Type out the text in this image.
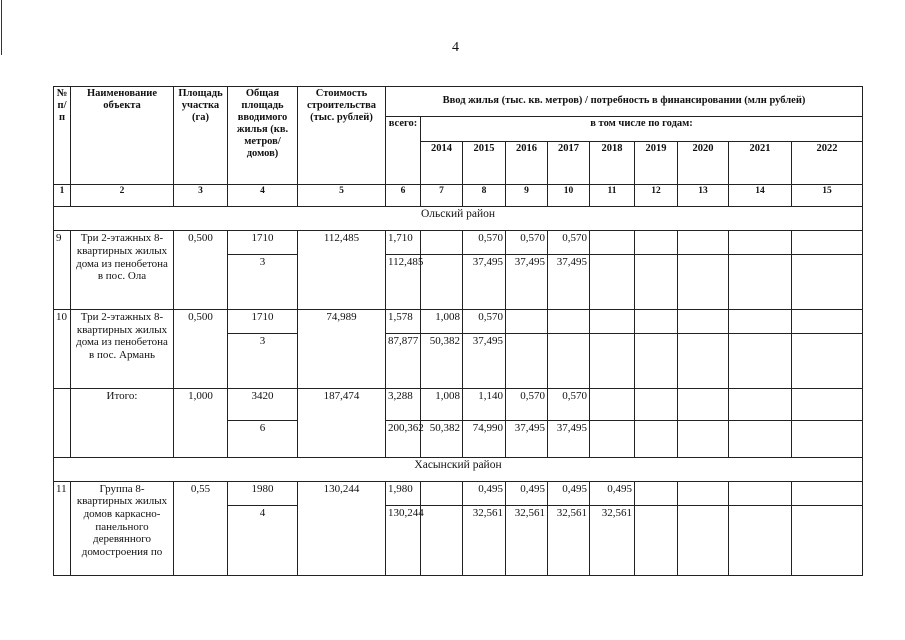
4
№ п/п	Наименование объекта	Площадь участка (га)	Общая площадь вводимого жилья (кв. метров/ домов)	Стоимость строительства (тыс. рублей)	Ввод жилья (тыс. кв. метров) / потребность в финансировании (млн рублей)									
					всего:	в том числе по годам:								
						2014	2015	2016	2017	2018	2019	2020	2021	2022
1	2	3	4	5	6	7	8	9	10	11	12	13	14	15
Ольский район														
9	Три 2-этажных 8-квартирных жилых дома из пенобетона в пос. Ола	0,500	1710	112,485	1,710		0,570	0,570	0,570					
			3		112,485		37,495	37,495	37,495					
10	Три 2-этажных 8-квартирных жилых дома из пенобетона в пос. Армань	0,500	1710	74,989	1,578	1,008	0,570							
			3		87,877	50,382	37,495							
	Итого:	1,000	3420	187,474	3,288	1,008	1,140	0,570	0,570					
			6		200,362	50,382	74,990	37,495	37,495					
Хасынский район														
11	Группа 8-квартирных жилых домов каркасно-панельного деревянного домостроения по	0,55	1980	130,244	1,980		0,495	0,495	0,495	0,495				
			4		130,244		32,561	32,561	32,561	32,561				
